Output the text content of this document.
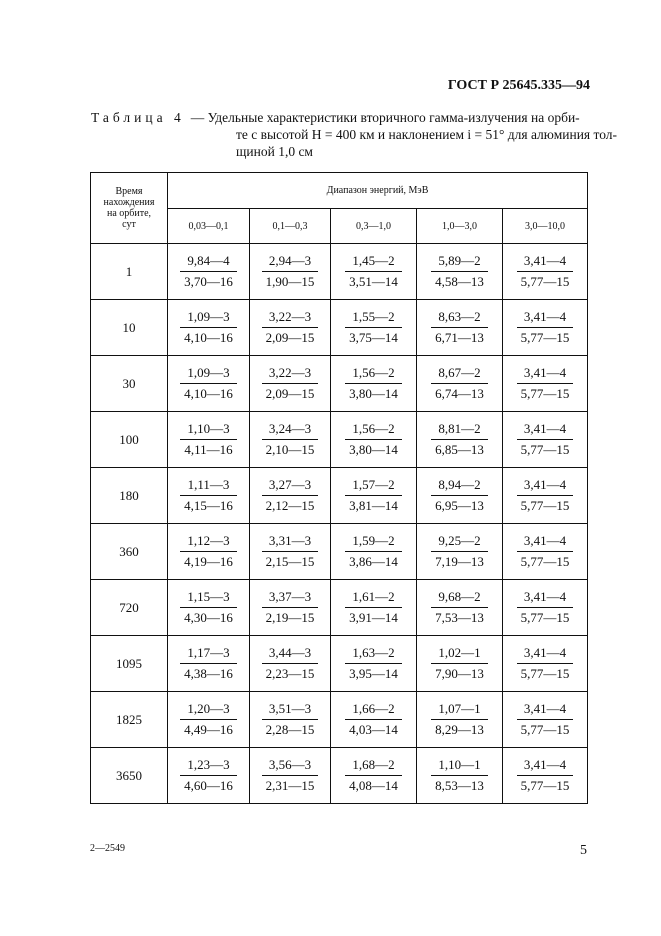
ГОСТ Р 25645.335—94
Таблица 4 — Удельные характеристики вторичного гамма-излучения на орби-
те с высотой H = 400 км и наклонением i = 51° для алюминия тол-
щиной 1,0 см
Время
нахождения
на орбите,
сут	Диапазон энергий, МэВ				
	0,03—0,1	0,1—0,3	0,3—1,0	1,0—3,0	3,0—10,0
1	$\frac{9,84—4}{3,70—16}$	$\frac{2,94—3}{1,90—15}$	$\frac{1,45—2}{3,51—14}$	$\frac{5,89—2}{4,58—13}$	$\frac{3,41—4}{5,77—15}$

10	$\frac{1,09—3}{4,10—16}$	$\frac{3,22—3}{2,09—15}$	$\frac{1,55—2}{3,75—14}$	$\frac{8,63—2}{6,71—13}$	$\frac{3,41—4}{5,77—15}$

30	$\frac{1,09—3}{4,10—16}$	$\frac{3,22—3}{2,09—15}$	$\frac{1,56—2}{3,80—14}$	$\frac{8,67—2}{6,74—13}$	$\frac{3,41—4}{5,77—15}$

100	$\frac{1,10—3}{4,11—16}$	$\frac{3,24—3}{2,10—15}$	$\frac{1,56—2}{3,80—14}$	$\frac{8,81—2}{6,85—13}$	$\frac{3,41—4}{5,77—15}$

180	$\frac{1,11—3}{4,15—16}$	$\frac{3,27—3}{2,12—15}$	$\frac{1,57—2}{3,81—14}$	$\frac{8,94—2}{6,95—13}$	$\frac{3,41—4}{5,77—15}$

360	$\frac{1,12—3}{4,19—16}$	$\frac{3,31—3}{2,15—15}$	$\frac{1,59—2}{3,86—14}$	$\frac{9,25—2}{7,19—13}$	$\frac{3,41—4}{5,77—15}$

720	$\frac{1,15—3}{4,30—16}$	$\frac{3,37—3}{2,19—15}$	$\frac{1,61—2}{3,91—14}$	$\frac{9,68—2}{7,53—13}$	$\frac{3,41—4}{5,77—15}$

1095	$\frac{1,17—3}{4,38—16}$	$\frac{3,44—3}{2,23—15}$	$\frac{1,63—2}{3,95—14}$	$\frac{1,02—1}{7,90—13}$	$\frac{3,41—4}{5,77—15}$

1825	$\frac{1,20—3}{4,49—16}$	$\frac{3,51—3}{2,28—15}$	$\frac{1,66—2}{4,03—14}$	$\frac{1,07—1}{8,29—13}$	$\frac{3,41—4}{5,77—15}$

3650	$\frac{1,23—3}{4,60—16}$	$\frac{3,56—3}{2,31—15}$	$\frac{1,68—2}{4,08—14}$	$\frac{1,10—1}{8,53—13}$	$\frac{3,41—4}{5,77—15}$
2—2549	5
